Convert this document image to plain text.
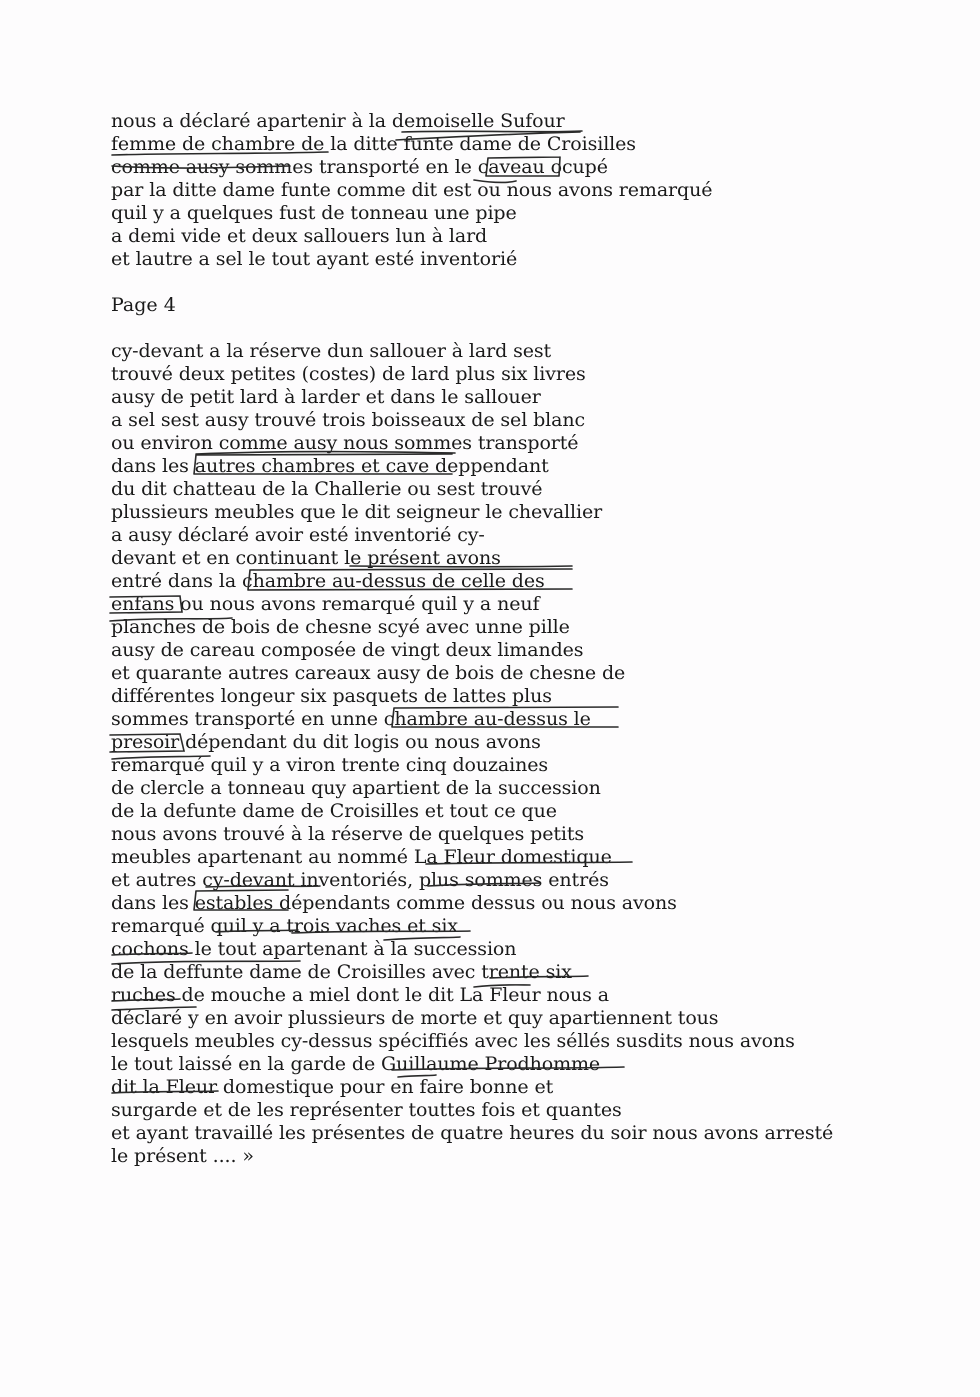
nous a déclaré apartenir à la demoiselle Sufour
femme de chambre de la ditte funte dame de Croisilles
comme ausy sommes transporté en le caveau ocupé
par la ditte dame funte comme dit est ou nous avons remarqué
quil y a quelques fust de tonneau une pipe
a demi vide et deux sallouers lun à lard
et lautre a sel le tout ayant esté inventorié
Page 4
cy-devant a la réserve dun sallouer à lard sest
trouvé deux petites (costes) de lard plus six livres
ausy de petit lard à larder et dans le sallouer
a sel sest ausy trouvé trois boisseaux de sel blanc
ou environ comme ausy nous sommes transporté
dans les autres chambres et cave deppendant
du dit chatteau de la Challerie ou sest trouvé
plussieurs meubles que le dit seigneur le chevallier
a ausy déclaré avoir esté inventorié cy-
devant et en continuant le présent avons
entré dans la chambre au-dessus de celle des
enfans ou nous avons remarqué quil y a neuf
planches de bois de chesne scyé avec unne pille
ausy de careau composée de vingt deux limandes
et quarante autres careaux ausy de bois de chesne de
différentes longeur six pasquets de lattes plus
sommes transporté en unne chambre au-dessus le
presoir dépendant du dit logis ou nous avons
remarqué quil y a viron trente cinq douzaines
de clercle a tonneau quy apartient de la succession
de la defunte dame de Croisilles et tout ce que
nous avons trouvé à la réserve de quelques petits
meubles apartenant au nommé La Fleur domestique
et autres cy-devant inventoriés, plus sommes entrés
dans les estables dépendants comme dessus ou nous avons
remarqué quil y a trois vaches et six
cochons le tout apartenant à la succession
de la deffunte dame de Croisilles avec trente six
ruches de mouche a miel dont le dit La Fleur nous a
déclaré y en avoir plussieurs de morte et quy apartiennent tous
lesquels meubles cy-dessus spéciffiés avec les séllés susdits nous avons
le tout laissé en la garde de Guillaume Prodhomme
dit la Fleur domestique pour en faire bonne et
surgarde et de les représenter touttes fois et quantes
et ayant travaillé les présentes de quatre heures du soir nous avons arresté
le présent .... »
